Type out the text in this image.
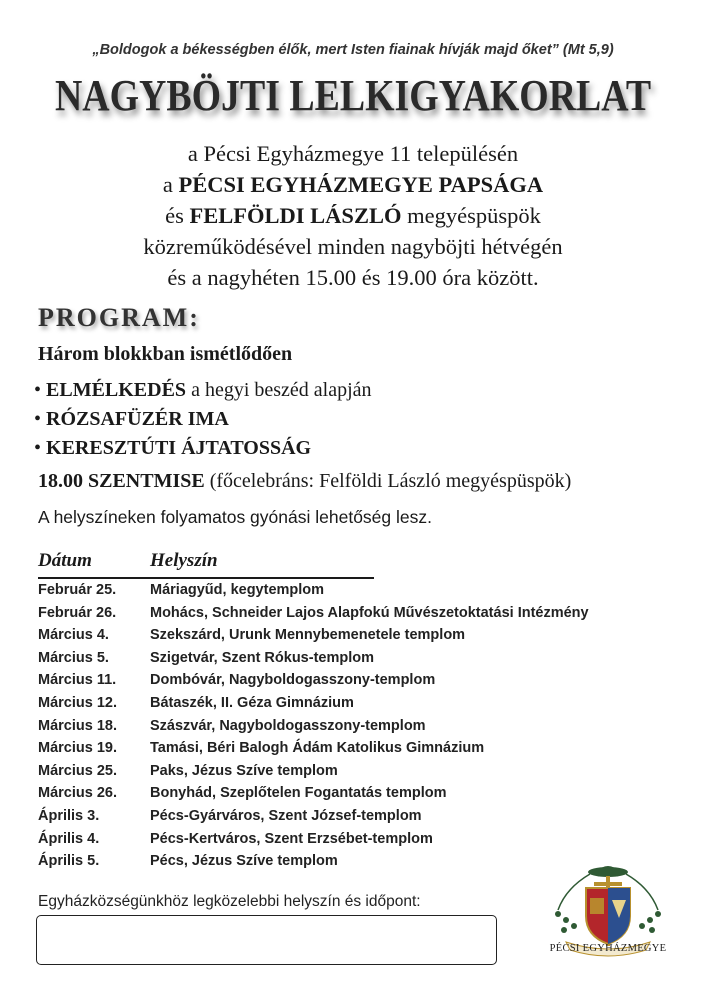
„Boldogok a békességben élők, mert Isten fiainak hívják majd őket” (Mt 5,9)
NAGYBÖJTI LELKIGYAKORLAT
a Pécsi Egyházmegye 11 településén
a PÉCSI EGYHÁZMEGYE PAPSÁGA
és FELFÖLDI LÁSZLÓ megyéspüspök
közreműködésével minden nagyböjti hétvégén
és a nagyhéten 15.00 és 19.00 óra között.
PROGRAM:
Három blokkban ismétlődően
• ELMÉLKEDÉS a hegyi beszéd alapján
• RÓZSAFÜZÉR IMA
• KERESZTÚTI ÁJTATOSSÁG
18.00 SZENTMISE (főcelebráns: Felföldi László megyéspüspök)
A helyszíneken folyamatos gyónási lehetőség lesz.
Dátum	Helyszín
Február 25. Máriagyűd, kegytemplom
Február 26. Mohács, Schneider Lajos Alapfokú Művészetoktatási Intézmény
Március 4.	Szekszárd, Urunk Mennybemenetele templom
Március 5.	Szigetvár, Szent Rókus-templom
Március 11. Dombóvár, Nagyboldogasszony-templom
Március 12. Bátaszék, II. Géza Gimnázium
Március 18. Szászvár, Nagyboldogasszony-templom
Március 19. Tamási, Béri Balogh Ádám Katolikus Gimnázium
Március 25. Paks, Jézus Szíve templom
Március 26. Bonyhád, Szeplőtelen Fogantatás templom
Április 3.	Pécs-Gyárváros, Szent József-templom
Április 4.	Pécs-Kertváros, Szent Erzsébet-templom
Április 5.	Pécs, Jézus Szíve templom
Egyházközségünkhöz legközelebbi helyszín és időpont:
PÉCSI EGYHÁZMEGYE
